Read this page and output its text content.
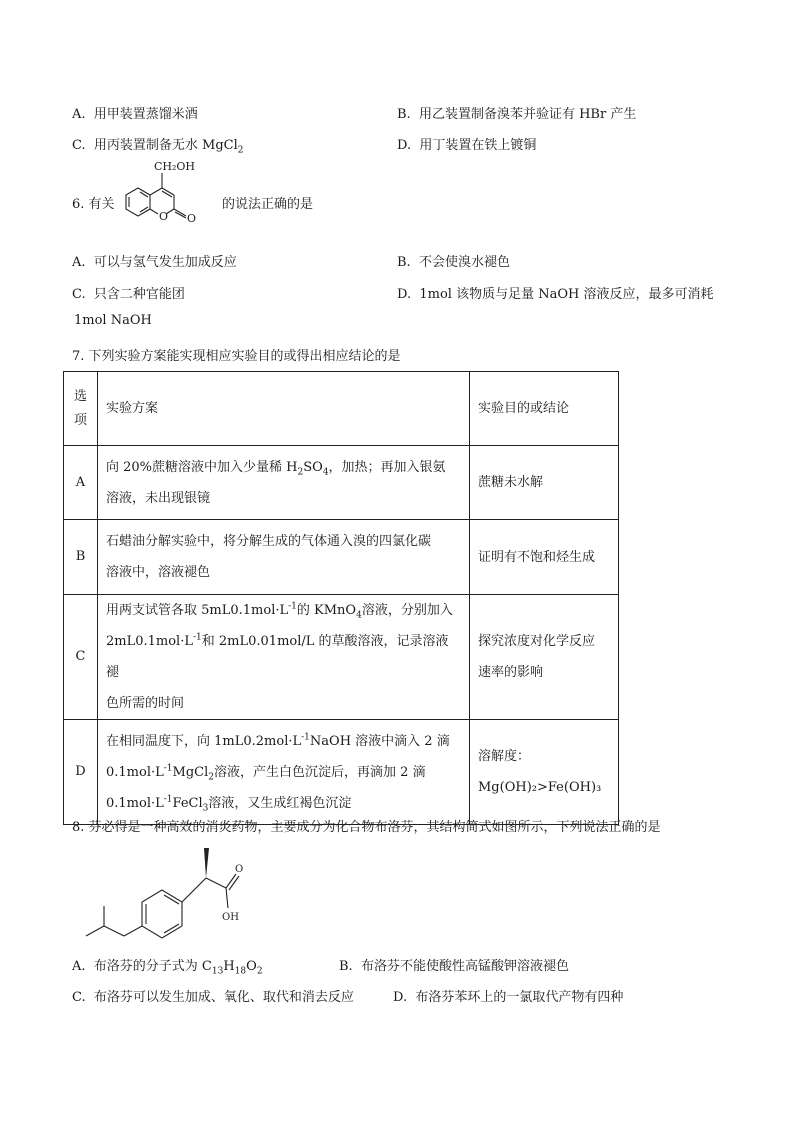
A. 用甲装置蒸馏米酒	B. 用乙装置制备溴苯并验证有 HBr 产生
C. 用丙装置制备无水 MgCl$_2$	D. 用丁装置在铁上镀铜
6. 有关
CH₂OH
O O
的说法正确的是
A. 可以与氢气发生加成反应	B. 不会使溴水褪色
C. 只含二种官能团	D. 1mol 该物质与足量 NaOH 溶液反应，最多可消耗
1mol NaOH
7. 下列实验方案能实现相应实验目的或得出相应结论的是
选
项	实验方案	实验目的或结论
A	向 20%蔗糖溶液中加入少量稀 $H_2SO_4$，加热；再加入银氨
溶液，未出现银镜	蔗糖未水解
B	石蜡油分解实验中，将分解生成的气体通入溴的四氯化碳
溶液中，溶液褪色	证明有不饱和烃生成
C	用两支试管各取 $5mL0.1mol\cdot L^{-1}$的 KMnO$_4$溶液，分别加入
$2mL0.1mol\cdot L^{-1}$和 2mL0.01mol/L 的草酸溶液，记录溶液褪
色所需的时间	探究浓度对化学反应
速率的影响
D	在相同温度下，向 $1mL0.2mol\cdot L^{-1}NaOH$ 溶液中滴入 2 滴
$0.1mol\cdot L^{-1}MgCl_2$溶液，产生白色沉淀后，再滴加 2 滴
$0.1mol\cdot L^{-1}FeCl_3$溶液，又生成红褐色沉淀	溶解度：
Mg(OH)₂>Fe(OH)₃
8. 芬必得是一种高效的消炎药物，主要成分为化合物布洛芬，其结构简式如图所示，下列说法正确的是
O
OH
A. 布洛芬的分子式为 $C_{13}H_{18}O_2$	B. 布洛芬不能使酸性高锰酸钾溶液褪色
C. 布洛芬可以发生加成、氧化、取代和消去反应	D. 布洛芬苯环上的一氯取代产物有四种
